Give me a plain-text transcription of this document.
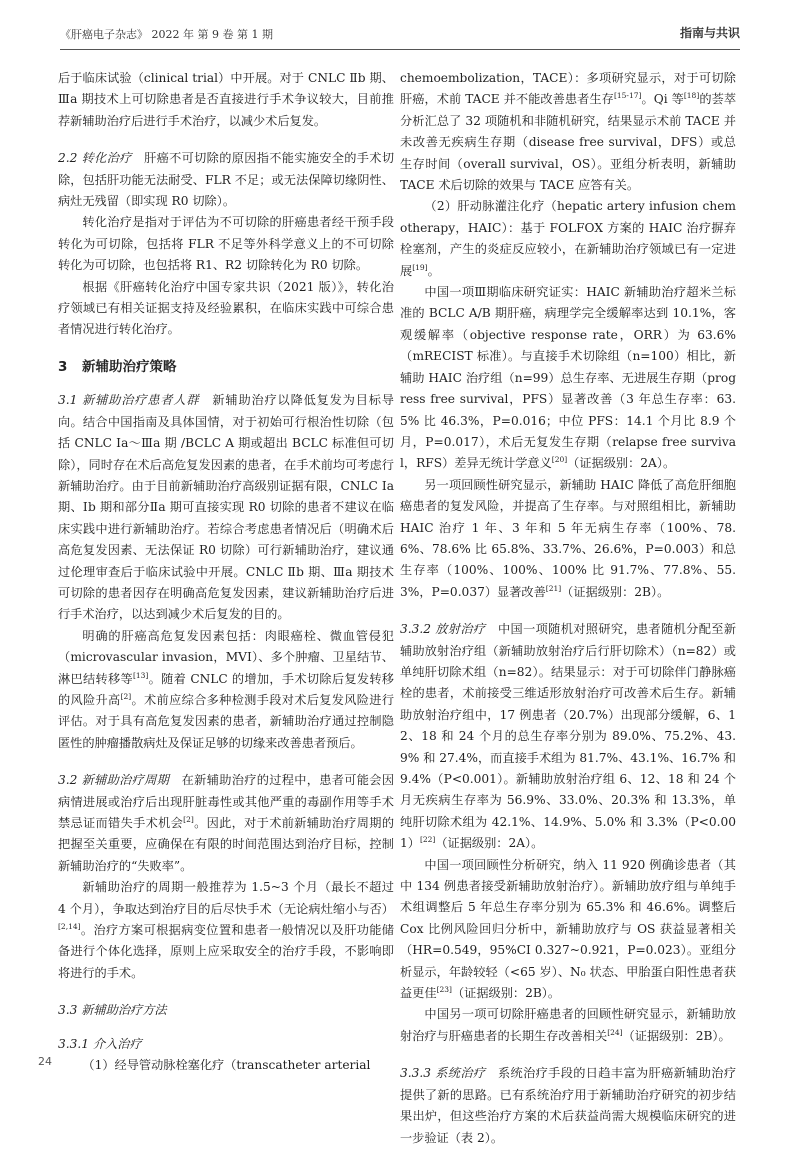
《肝癌电子杂志》 2022 年 第 9 卷 第 1 期	指南与共识

后于临床试验（clinical trial）中开展。对于 CNLC Ⅱb 期、Ⅲa 期技术上可切除患者是否直接进行手术争议较大，目前推荐新辅助治疗后进行手术治疗，以减少术后复发。

2.2 转化治疗　 肝癌不可切除的原因指不能实施安全的手术切除，包括肝功能无法耐受、FLR 不足；或无法保障切缘阴性、病灶无残留（即实现 R0 切除）。

转化治疗是指对于评估为不可切除的肝癌患者经干预手段转化为可切除，包括将 FLR 不足等外科学意义上的不可切除转化为可切除，也包括将 R1、R2 切除转化为 R0 切除。

根据《肝癌转化治疗中国专家共识（2021 版）》，转化治疗领域已有相关证据支持及经验累积，在临床实践中可综合患者情况进行转化治疗。

3 新辅助治疗策略

3.1 新辅助治疗患者人群　 新辅助治疗以降低复发为目标导向。结合中国指南及具体国情，对于初始可行根治性切除（包括 CNLC Ⅰa～Ⅲa 期 /BCLC A 期或超出 BCLC 标准但可切除），同时存在术后高危复发因素的患者，在手术前均可考虑行新辅助治疗。由于目前新辅助治疗高级别证据有限，CNLC Ⅰa 期、Ⅰb 期和部分Ⅱa 期可直接实现 R0 切除的患者不建议在临床实践中进行新辅助治疗。若综合考虑患者情况后（明确术后高危复发因素、无法保证 R0 切除）可行新辅助治疗，建议通过伦理审查后于临床试验中开展。CNLC Ⅱb 期、Ⅲa 期技术可切除的患者因存在明确高危复发因素，建议新辅助治疗后进行手术治疗，以达到减少术后复发的目的。

明确的肝癌高危复发因素包括：肉眼癌栓、微血管侵犯（microvascular invasion，MVI）、多个肿瘤、卫星结节、淋巴结转移等[13]。随着 CNLC 的增加，手术切除后复发转移的风险升高[2]。术前应综合多种检测手段对术后复发风险进行评估。对于具有高危复发因素的患者，新辅助治疗通过控制隐匿性的肿瘤播散病灶及保证足够的切缘来改善患者预后。

3.2 新辅助治疗周期　 在新辅助治疗的过程中，患者可能会因病情进展或治疗后出现肝脏毒性或其他严重的毒副作用等手术禁忌证而错失手术机会[2]。因此，对于术前新辅助治疗周期的把握至关重要，应确保在有限的时间范围达到治疗目标，控制新辅助治疗的“失败率”。

新辅助治疗的周期一般推荐为 1.5~3 个月（最长不超过 4 个月），争取达到治疗目的后尽快手术（无论病灶缩小与否）[2,14]。治疗方案可根据病变位置和患者一般情况以及肝功能储备进行个体化选择，原则上应采取安全的治疗手段，不影响即将进行的手术。

3.3 新辅助治疗方法

3.3.1 介入治疗

（1）经导管动脉栓塞化疗（transcatheter arterial

chemoembolization，TACE）：多项研究显示，对于可切除肝癌，术前 TACE 并不能改善患者生存[15-17]。Qi 等[18]的荟萃分析汇总了 32 项随机和非随机研究，结果显示术前 TACE 并未改善无疾病生存期（disease free survival，DFS）或总生存时间（overall survival，OS）。亚组分析表明，新辅助 TACE 术后切除的效果与 TACE 应答有关。

（2）肝动脉灌注化疗（hepatic artery infusion chemotherapy，HAIC）：基于 FOLFOX 方案的 HAIC 治疗摒弃栓塞剂，产生的炎症反应较小，在新辅助治疗领域已有一定进展[19]。

中国一项Ⅲ期临床研究证实：HAIC 新辅助治疗超米兰标准的 BCLC A/B 期肝癌，病理学完全缓解率达到 10.1%，客观缓解率（objective response rate，ORR）为 63.6%（mRECIST 标准）。与直接手术切除组（n=100）相比，新辅助 HAIC 治疗组（n=99）总生存率、无进展生存期（progress free survival，PFS）显著改善（3 年总生存率：63.5% 比 46.3%，P=0.016；中位 PFS：14.1 个月比 8.9 个月，P=0.017），术后无复发生存期（relapse free survival，RFS）差异无统计学意义[20]（证据级别：2A）。

另一项回顾性研究显示，新辅助 HAIC 降低了高危肝细胞癌患者的复发风险，并提高了生存率。与对照组相比，新辅助 HAIC 治疗 1 年、3 年和 5 年无病生存率（100%、78.6%、78.6% 比 65.8%、33.7%、26.6%，P=0.003）和总生存率（100%、100%、100% 比 91.7%、77.8%、55.3%，P=0.037）显著改善[21]（证据级别：2B）。

3.3.2 放射治疗　 中国一项随机对照研究，患者随机分配至新辅助放射治疗组（新辅助放射治疗后行肝切除术）（n=82）或单纯肝切除术组（n=82）。结果显示：对于可切除伴门静脉癌栓的患者，术前接受三维适形放射治疗可改善术后生存。新辅助放射治疗组中，17 例患者（20.7%）出现部分缓解，6、12、18 和 24 个月的总生存率分别为 89.0%、75.2%、43.9% 和 27.4%，而直接手术组为 81.7%、43.1%、16.7% 和 9.4%（P<0.001）。新辅助放射治疗组 6、12、18 和 24 个月无疾病生存率为 56.9%、33.0%、20.3% 和 13.3%，单纯肝切除术组为 42.1%、14.9%、5.0% 和 3.3%（P<0.001）[22]（证据级别：2A）。

中国一项回顾性分析研究，纳入 11 920 例确诊患者（其中 134 例患者接受新辅助放射治疗）。新辅助放疗组与单纯手术组调整后 5 年总生存率分别为 65.3% 和 46.6%。调整后 Cox 比例风险回归分析中，新辅助放疗与 OS 获益显著相关（HR=0.549，95%CI 0.327~0.921，P=0.023）。亚组分析显示，年龄较轻（<65 岁）、N₀ 状态、甲胎蛋白阳性患者获益更佳[23]（证据级别：2B）。

中国另一项可切除肝癌患者的回顾性研究显示，新辅助放射治疗与肝癌患者的长期生存改善相关[24]（证据级别：2B）。

3.3.3 系统治疗　 系统治疗手段的日趋丰富为肝癌新辅助治疗提供了新的思路。已有系统治疗用于新辅助治疗研究的初步结果出炉，但这些治疗方案的术后获益尚需大规模临床研究的进一步验证（表 2）。

24
